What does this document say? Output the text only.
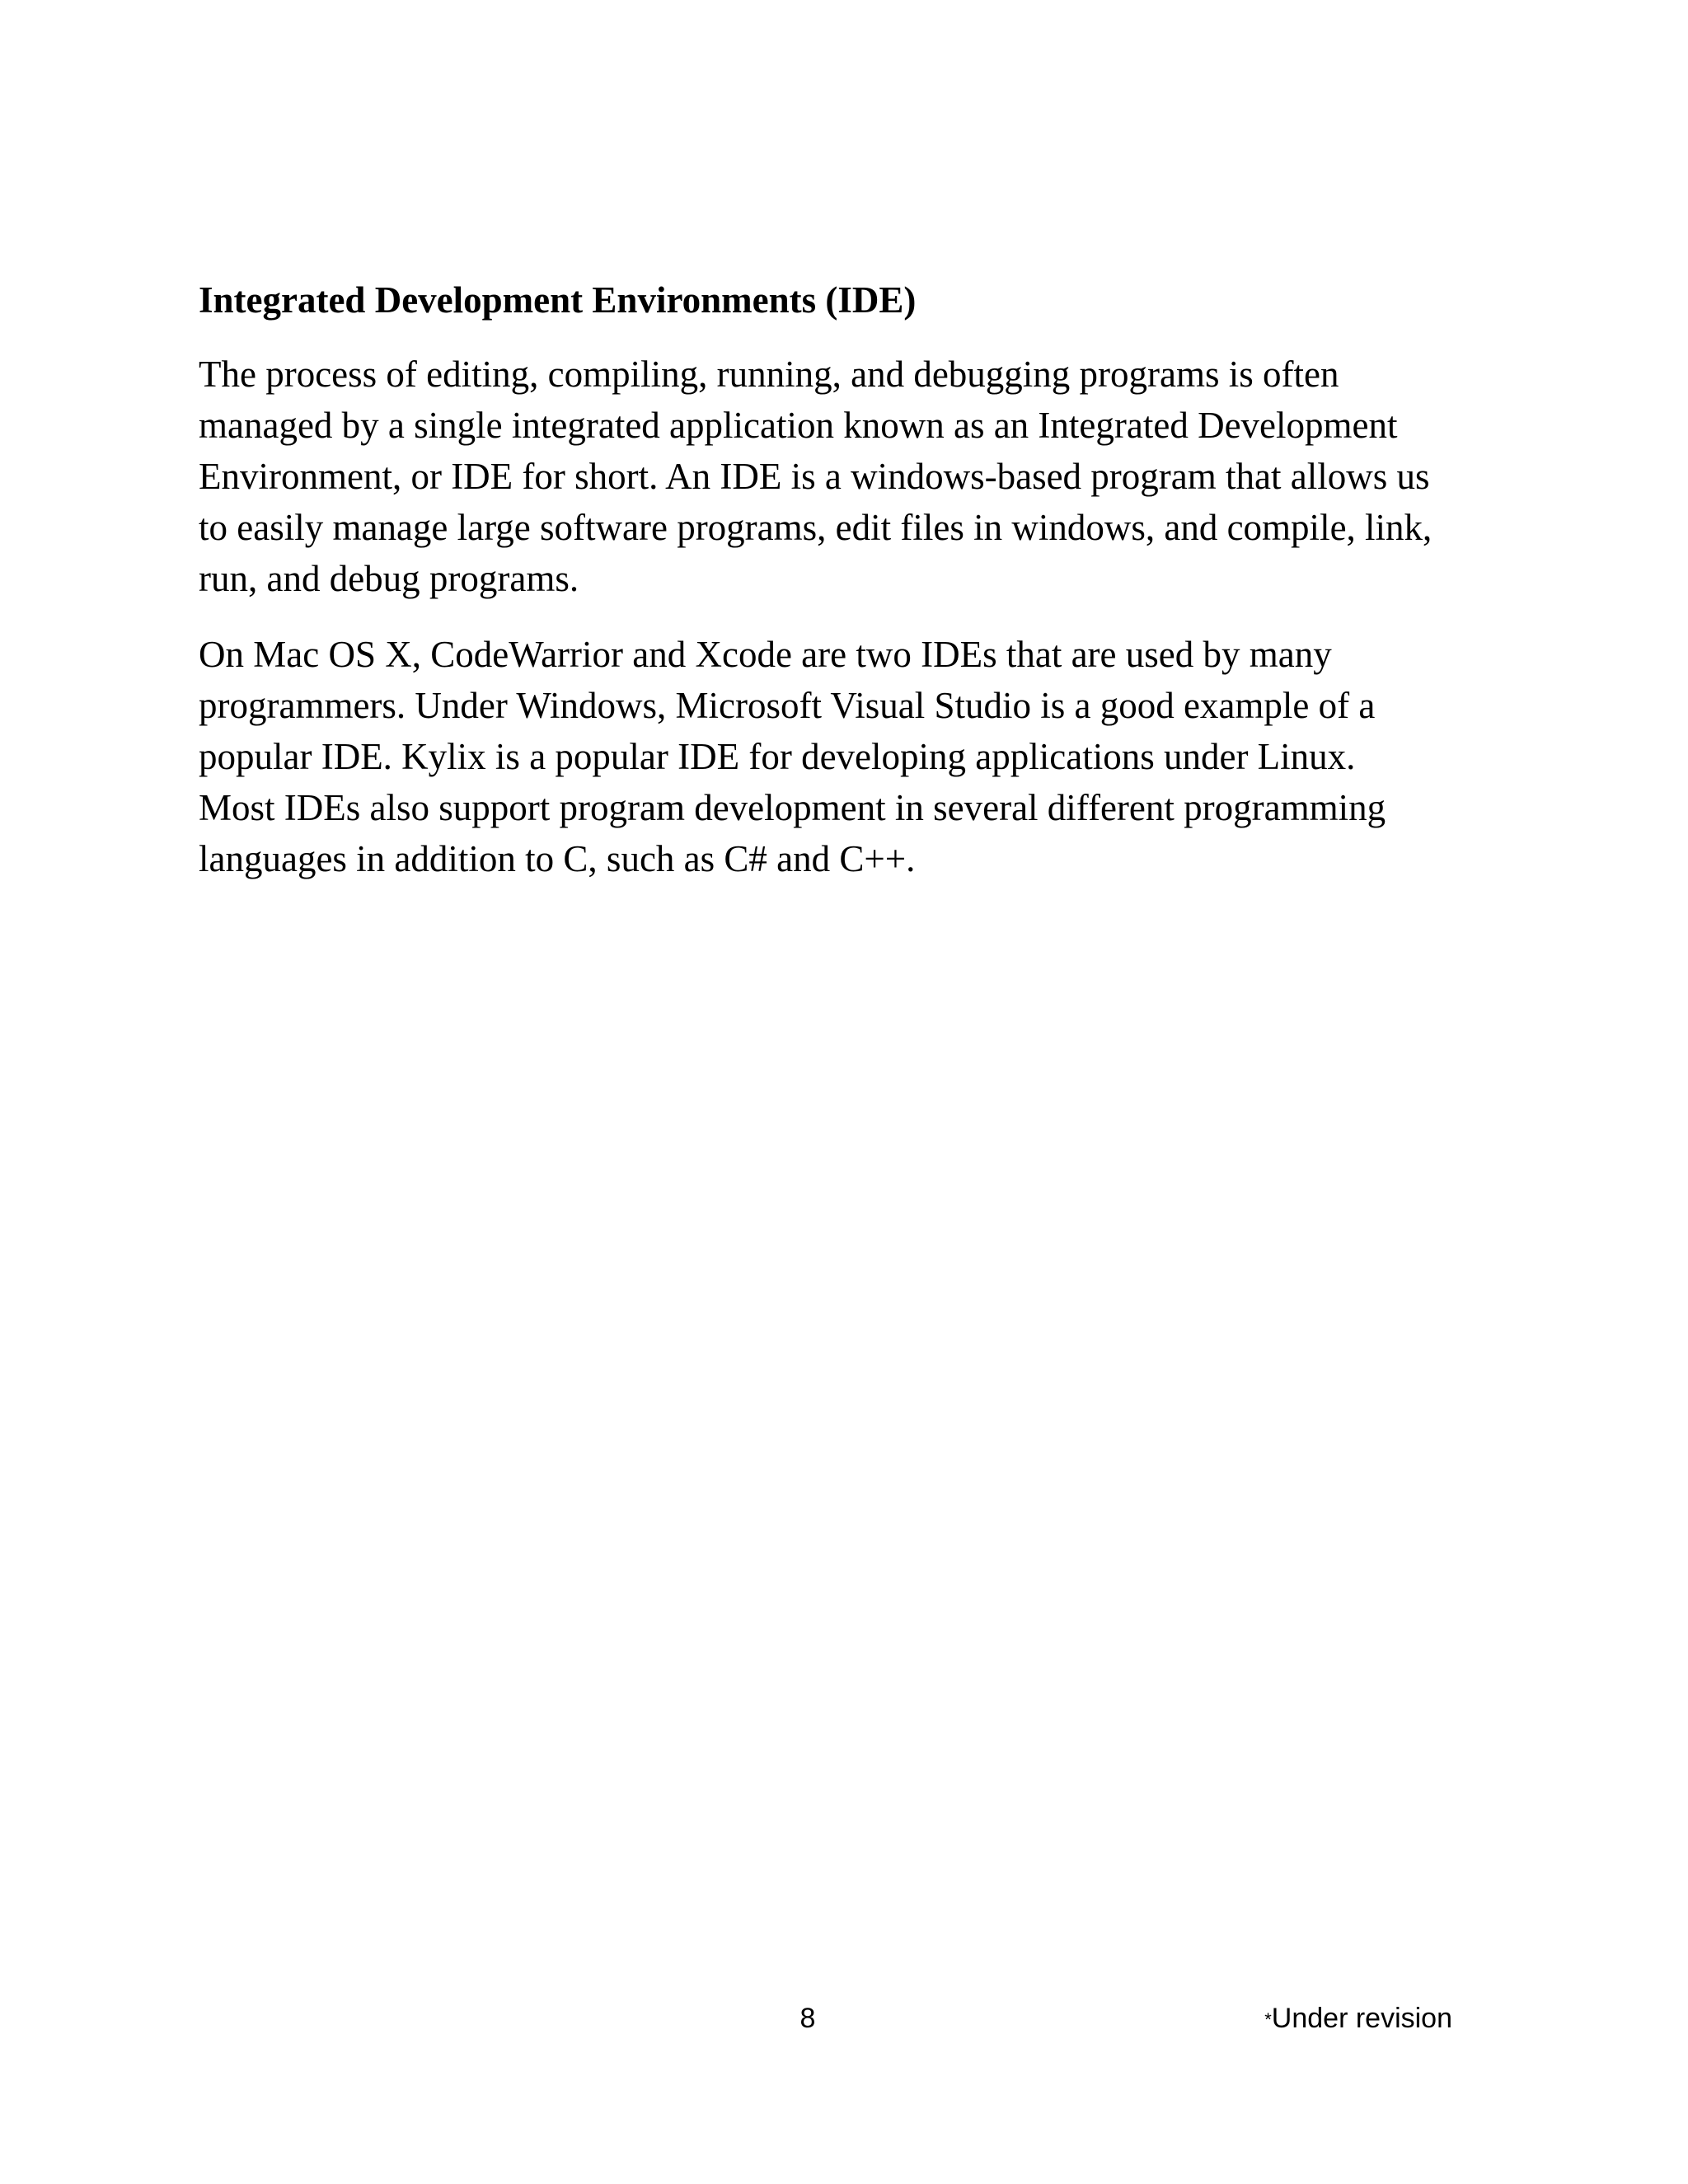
Integrated Development Environments (IDE)
The process of editing, compiling, running, and debugging programs is often
managed by a single integrated application known as an Integrated Development
Environment, or IDE for short. An IDE is a windows-based program that allows us
to easily manage large software programs, edit files in windows, and compile, link,
run, and debug programs.
On Mac OS X, CodeWarrior and Xcode are two IDEs that are used by many
programmers. Under Windows, Microsoft Visual Studio is a good example of a
popular IDE. Kylix is a popular IDE for developing applications under Linux.
Most IDEs also support program development in several different programming
languages in addition to C, such as C# and C++.
8	*Under revision
